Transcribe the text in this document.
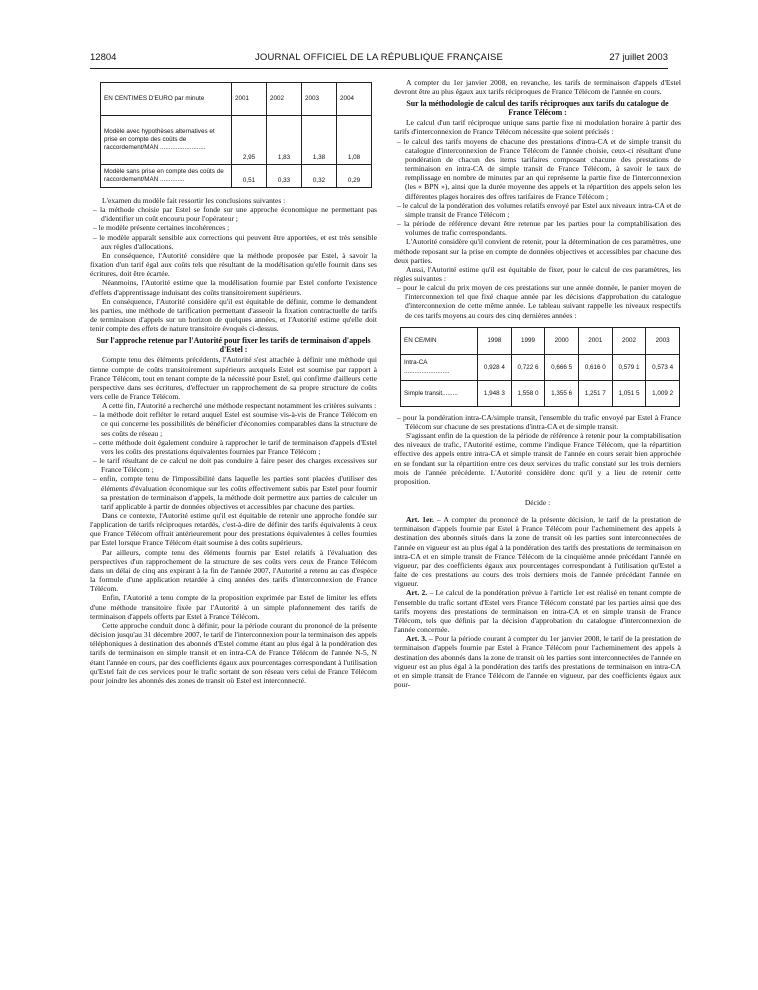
12804	JOURNAL OFFICIEL DE LA RÉPUBLIQUE FRANÇAISE	27 juillet 2003
EN CENTIMES D'EURO par minute	2001	2002	2003	2004
Modèle avec hypothèses alternatives et prise en compte des coûts de raccordement/MAN ..........................	2,95	1,83	1,38	1,08
Modèle sans prise en compte des coûts de raccordement/MAN ..............	0,51	0,33	0,32	0,29

L'examen du modèle fait ressortir les conclusions suivantes :

– la méthode choisie par Estel se fonde sur une approche économique ne permettant pas d'identifier un coût encouru pour l'opérateur ;
– le modèle présente certaines incohérences ;
– le modèle apparaît sensible aux corrections qui peuvent être apportées, et est très sensible aux règles d'allocations.

En conséquence, l'Autorité considère que la méthode proposée par Estel, à savoir la fixation d'un tarif égal aux coûts tels que résultant de la modélisation qu'elle fournit dans ses écritures, doit être écartée.

Néanmoins, l'Autorité estime que la modélisation fournie par Estel conforte l'existence d'effets d'apprentissage induisant des coûts transitoirement supérieurs.

En conséquence, l'Autorité considère qu'il est équitable de définir, comme le demandent les parties, une méthode de tarification permettant d'asseoir la fixation contractuelle de tarifs de terminaison d'appels sur un horizon de quelques années, et l'Autorité estime qu'elle doit tenir compte des effets de nature transitoire évoqués ci-dessus.

Sur l'approche retenue par l'Autorité pour fixer les tarifs de terminaison d'appels d'Estel :

Compte tenu des éléments précédents, l'Autorité s'est attachée à définir une méthode qui tienne compte de coûts transitoirement supérieurs auxquels Estel est soumise par rapport à France Télécom, tout en tenant compte de la nécessité pour Estel, qui confirme d'ailleurs cette perspective dans ses écritures, d'effectuer un rapprochement de sa propre structure de coûts vers celle de France Télécom.

A cette fin, l'Autorité a recherché une méthode respectant notamment les critères suivants :

– la méthode doit refléter le retard auquel Estel est soumise vis-à-vis de France Télécom en ce qui concerne les possibilités de bénéficier d'économies comparables dans la structure de ses coûts de réseau ;
– cette méthode doit également conduire à rapprocher le tarif de terminaison d'appels d'Estel vers les coûts des prestations équivalentes fournies par France Télécom ;
– le tarif résultant de ce calcul ne doit pas conduire à faire peser des charges excessives sur France Télécom ;
– enfin, compte tenu de l'impossibilité dans laquelle les parties sont placées d'utiliser des éléments d'évaluation économique sur les coûts effectivement subis par Estel pour fournir sa prestation de terminaison d'appels, la méthode doit permettre aux parties de calculer un tarif applicable à partir de données objectives et accessibles par chacune des parties.

Dans ce contexte, l'Autorité estime qu'il est équitable de retenir une approche fondée sur l'application de tarifs réciproques retardés, c'est-à-dire de définir des tarifs équivalents à ceux que France Télécom offrait antérieurement pour des prestations équivalentes à celles fournies par Estel lorsque France Télécom était soumise à des coûts supérieurs.

Par ailleurs, compte tenu des éléments fournis par Estel relatifs à l'évaluation des perspectives d'un rapprochement de la structure de ses coûts vers ceux de France Télécom dans un délai de cinq ans expirant à la fin de l'année 2007, l'Autorité a retenu au cas d'espèce la formule d'une application retardée à cinq années des tarifs d'interconnexion de France Télécom.

Enfin, l'Autorité a tenu compte de la proposition exprimée par Estel de limiter les effets d'une méthode transitoire fixée par l'Autorité à un simple plafonnement des tarifs de terminaison d'appels offerts par Estel à France Télécom.

Cette approche conduit donc à définir, pour la période courant du prononcé de la présente décision jusqu'au 31 décembre 2007, le tarif de l'interconnexion pour la terminaison des appels téléphoniques à destination des abonnés d'Estel comme étant au plus égal à la pondération des tarifs de terminaison en simple transit et en intra-CA de France Télécom de l'année N-5, N étant l'année en cours, par des coefficients égaux aux pourcentages correspondant à l'utilisation qu'Estel fait de ces services pour le trafic sortant de son réseau vers celui de France Télécom pour joindre les abonnés des zones de transit où Estel est interconnecté.

A compter du 1er janvier 2008, en revanche, les tarifs de terminaison d'appels d'Estel devront être au plus égaux aux tarifs réciproques de France Télécom de l'année en cours.

Sur la méthodologie de calcul des tarifs réciproques aux tarifs du catalogue de France Télécom :

Le calcul d'un tarif réciproque unique sans partie fixe ni modulation horaire à partir des tarifs d'interconnexion de France Télécom nécessite que soient précisés :

– le calcul des tarifs moyens de chacune des prestations d'intra-CA et de simple transit du catalogue d'interconnexion de France Télécom de l'année choisie, ceux-ci résultant d'une pondération de chacun des items tarifaires composant chacune des prestations de terminaison en intra-CA de simple transit de France Télécom, à savoir le taux de remplissage en nombre de minutes par an qui représente la partie fixe de l'interconnexion (les « BPN »), ainsi que la durée moyenne des appels et la répartition des appels selon les différentes plages horaires des offres tarifaires de France Télécom ;
– le calcul de la pondération des volumes relatifs envoyé par Estel aux niveaux intra-CA et de simple transit de France Télécom ;
– la période de référence devant être retenue par les parties pour la comptabilisation des volumes de trafic correspondants.

L'Autorité considère qu'il convient de retenir, pour la détermination de ces paramètres, une méthode reposant sur la prise en compte de données objectives et accessibles par chacune des deux parties.

Aussi, l'Autorité estime qu'il est équitable de fixer, pour le calcul de ces paramètres, les règles suivantes :

– pour le calcul du prix moyen de ces prestations sur une année donnée, le panier moyen de l'interconnexion tel que fixé chaque année par les décisions d'approbation du catalogue d'interconnexion de cette même année. Le tableau suivant rappelle les niveaux respectifs de ces tarifs moyens au cours des cinq dernières années :
EN CE/MIN	1998	1999	2000	2001	2002	2003
Intra-CA ..........................	0,928 4	0,722 6	0,666 5	0,616 0	0,579 1	0,573 4
Simple transit.........	1,948 3	1,558 0	1,355 6	1,251 7	1,051 5	1,009 2
– pour la pondération intra-CA/simple transit, l'ensemble du trafic envoyé par Estel à France Télécom sur chacune de ses prestations d'intra-CA et de simple transit.

S'agissant enfin de la question de la période de référence à retenir pour la comptabilisation des niveaux de trafic, l'Autorité estime, comme l'indique France Télécom, que la répartition effective des appels entre intra-CA et simple transit de l'année en cours serait bien approchée en se fondant sur la répartition entre ces deux services du trafic constaté sur les trois derniers mois de l'année précédente. L'Autorité considère donc qu'il y a lieu de retenir cette proposition.

Décide :

Art. 1er. – A compter du prononcé de la présente décision, le tarif de la prestation de terminaison d'appels fournie par Estel à France Télécom pour l'acheminement des appels à destination des abonnés situés dans la zone de transit où les parties sont interconnectées de l'année en vigueur est au plus égal à la pondération des tarifs des prestations de terminaison en intra-CA et en simple transit de France Télécom de la cinquième année précédant l'année en vigueur, par des coefficients égaux aux pourcentages correspondant à l'utilisation qu'Estel a faite de ces prestations au cours des trois derniers mois de l'année précédant l'année en vigueur.

Art. 2. – Le calcul de la pondération prévue à l'article 1er est réalisé en tenant compte de l'ensemble du trafic sortant d'Estel vers France Télécom constaté par les parties ainsi que des tarifs moyens des prestations de terminaison en intra-CA et en simple transit de France Télécom, tels que définis par la décision d'approbation du catalogue d'interconnexion de l'année concernée.

Art. 3. – Pour la période courant à compter du 1er janvier 2008, le tarif de la prestation de terminaison d'appels fournie par Estel à France Télécom pour l'acheminement des appels à destination des abonnés dans la zone de transit où les parties sont interconnectées de l'année en vigueur est au plus égal à la pondération des tarifs des prestations de terminaison en intra-CA et en simple transit de France Télécom de l'année en vigueur, par des coefficients égaux aux pour-
